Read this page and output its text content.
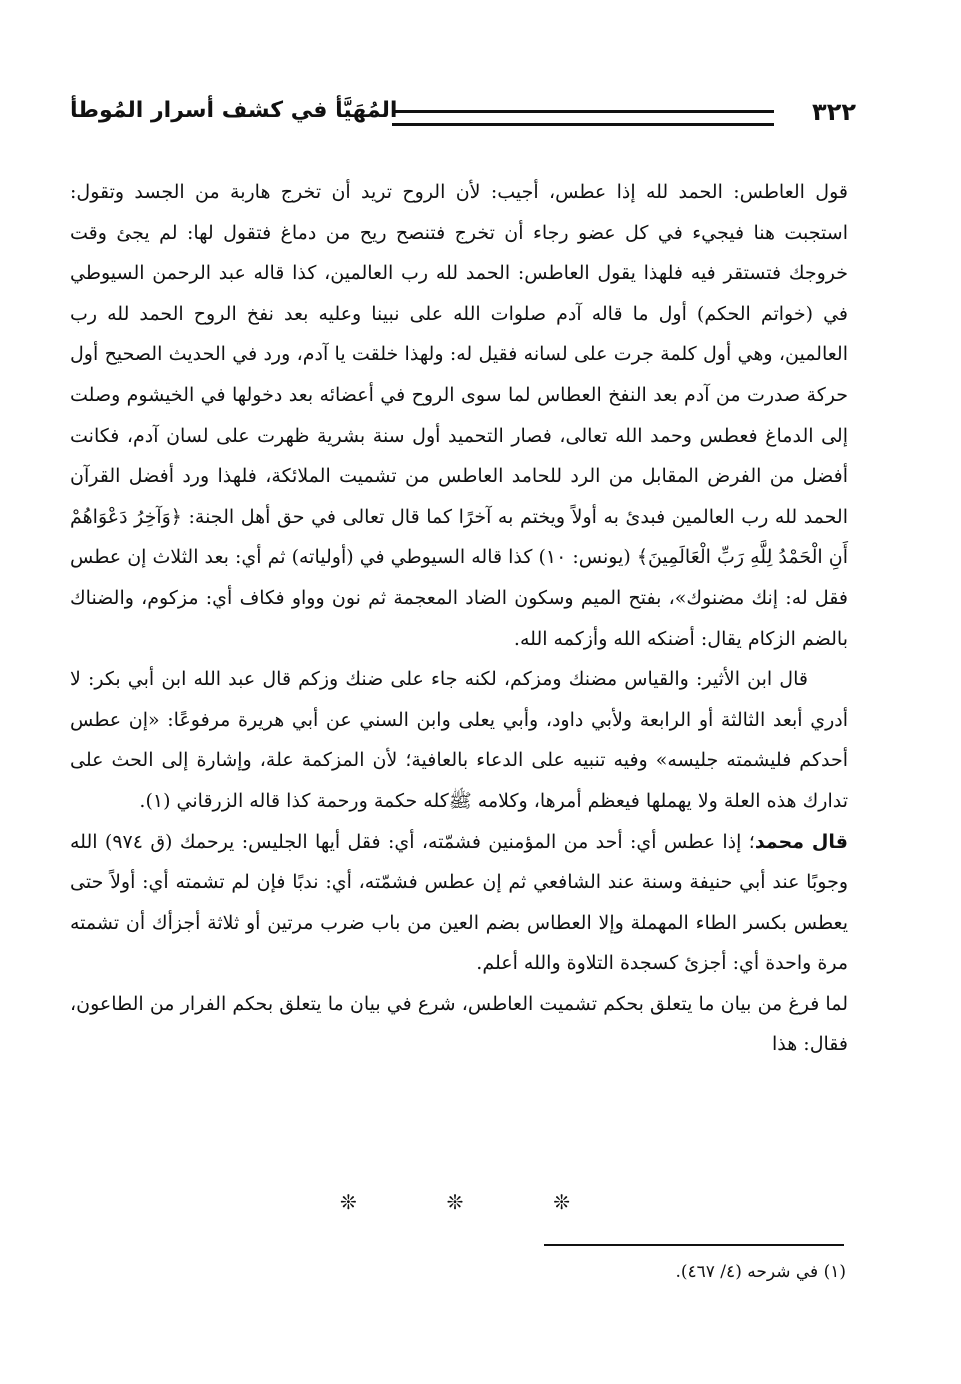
٣٢٢
المُهَيَّأ في كشف أسرار المُوطأ

قول العاطس: الحمد لله إذا عطس، أجيب: لأن الروح تريد أن تخرج هاربة من الجسد وتقول: استجبت هنا فيجيء في كل عضو رجاء أن تخرج فتنصح ريح من دماغ فتقول لها: لم يجئ وقت خروجك فتستقر فيه فلهذا يقول العاطس: الحمد لله رب العالمين، كذا قاله عبد الرحمن السيوطي في (خواتم الحكم) أول ما قاله آدم صلوات الله على نبينا وعليه بعد نفخ الروح الحمد لله رب العالمين، وهي أول كلمة جرت على لسانه فقيل له: ولهذا خلقت يا آدم، ورد في الحديث الصحيح أول حركة صدرت من آدم بعد النفخ العطاس لما سوى الروح في أعضائه بعد دخولها في الخيشوم وصلت إلى الدماغ فعطس وحمد الله تعالى، فصار التحميد أول سنة بشرية ظهرت على لسان آدم، فكانت أفضل من الفرض المقابل من الرد للحامد العاطس من تشميت الملائكة، فلهذا ورد أفضل القرآن الحمد لله رب العالمين فبدئ به أولاً ويختم به آخرًا كما قال تعالى في حق أهل الجنة: ﴿وَآخِرُ دَعْوَاهُمْ أَنِ الْحَمْدُ لِلَّهِ رَبِّ الْعَالَمِينَ﴾ (يونس: ١٠) كذا قاله السيوطي في (أولياته) ثم أي: بعد الثلاث إن عطس فقل له: إنك مضنوك»، بفتح الميم وسكون الضاد المعجمة ثم نون وواو فكاف أي: مزكوم، والضناك بالضم الزكام يقال: أضنكه الله وأزكمه الله.

قال ابن الأثير: والقياس مضنك ومزكم، لكنه جاء على ضنك وزكم قال عبد الله ابن أبي بكر: لا أدري أبعد الثالثة أو الرابعة ولأبي داود، وأبي يعلى وابن السني عن أبي هريرة مرفوعًا: «إن عطس أحدكم فليشمته جليسه» وفيه تنبيه على الدعاء بالعافية؛ لأن المزكمة علة، وإشارة إلى الحث على تدارك هذه العلة ولا يهملها فيعظم أمرها، وكلامه ﷺكله حكمة ورحمة كذا قاله الزرقاني (١).

قال محمد؛ إذا عطس أي: أحد من المؤمنين فشمّته، أي: فقل أيها الجليس: يرحمك (ق ٩٧٤) الله وجوبًا عند أبي حنيفة وسنة عند الشافعي ثم إن عطس فشمّته، أي: ندبًا فإن لم تشمته أي: أولاً حتى يعطس بكسر الطاء المهملة وإلا العطاس بضم العين من باب ضرب مرتين أو ثلاثة أجزأك أن تشمته مرة واحدة أي: أجزئ كسجدة التلاوة والله أعلم.

لما فرغ من بيان ما يتعلق بحكم تشميت العاطس، شرع في بيان ما يتعلق بحكم الفرار من الطاعون، فقال: هذا

❊
❊
❊
(١) في شرحه (٤/ ٤٦٧).
